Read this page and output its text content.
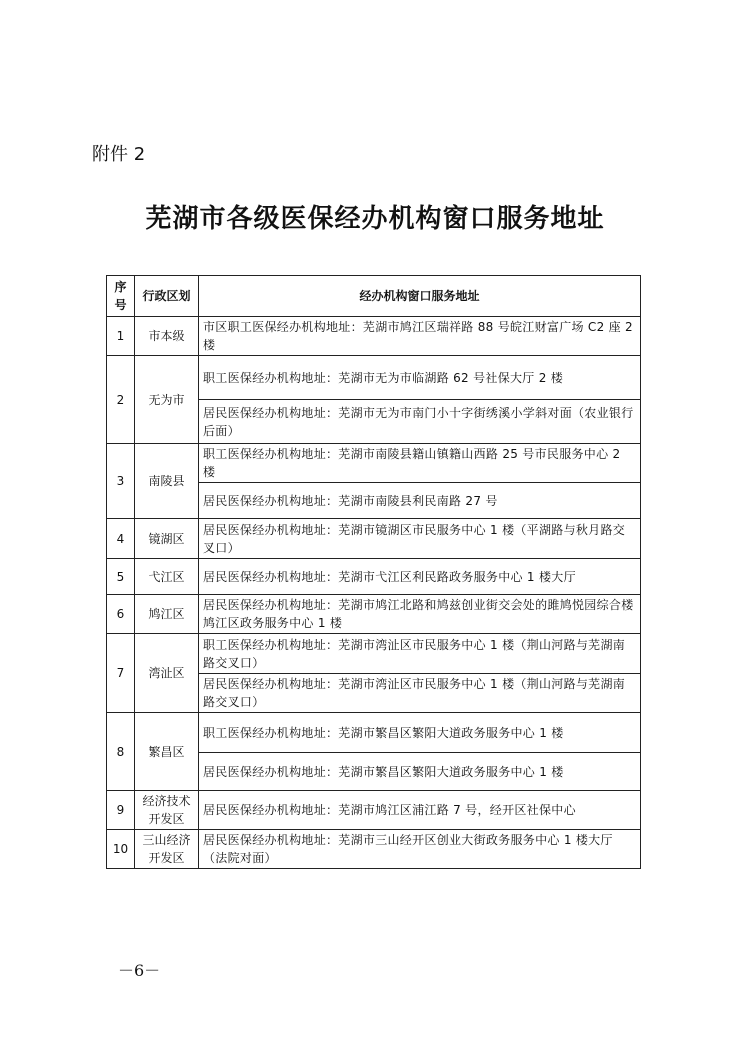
附件 2
芜湖市各级医保经办机构窗口服务地址
序号	行政区划	经办机构窗口服务地址
1	市本级	市区职工医保经办机构地址：芜湖市鸠江区瑞祥路 88 号皖江财富广场 C2 座 2 楼
2	无为市	职工医保经办机构地址：芜湖市无为市临湖路 62 号社保大厅 2 楼
		居民医保经办机构地址：芜湖市无为市南门小十字街绣溪小学斜对面（农业银行后面）
3	南陵县	职工医保经办机构地址：芜湖市南陵县籍山镇籍山西路 25 号市民服务中心 2 楼
		居民医保经办机构地址：芜湖市南陵县利民南路 27 号
4	镜湖区	居民医保经办机构地址：芜湖市镜湖区市民服务中心 1 楼（平湖路与秋月路交叉口）
5	弋江区	居民医保经办机构地址：芜湖市弋江区利民路政务服务中心 1 楼大厅
6	鸠江区	居民医保经办机构地址：芜湖市鸠江北路和鸠兹创业街交会处的雎鸠悦园综合楼鸠江区政务服务中心 1 楼
7	湾沚区	职工医保经办机构地址：芜湖市湾沚区市民服务中心 1 楼（荆山河路与芜湖南路交叉口）
		居民医保经办机构地址：芜湖市湾沚区市民服务中心 1 楼（荆山河路与芜湖南路交叉口）
8	繁昌区	职工医保经办机构地址：芜湖市繁昌区繁阳大道政务服务中心 1 楼
		居民医保经办机构地址：芜湖市繁昌区繁阳大道政务服务中心 1 楼
9	经济技术开发区	居民医保经办机构地址：芜湖市鸠江区浦江路 7 号，经开区社保中心
10	三山经济开发区	居民医保经办机构地址：芜湖市三山经开区创业大街政务服务中心 1 楼大厅（法院对面）
－6－
